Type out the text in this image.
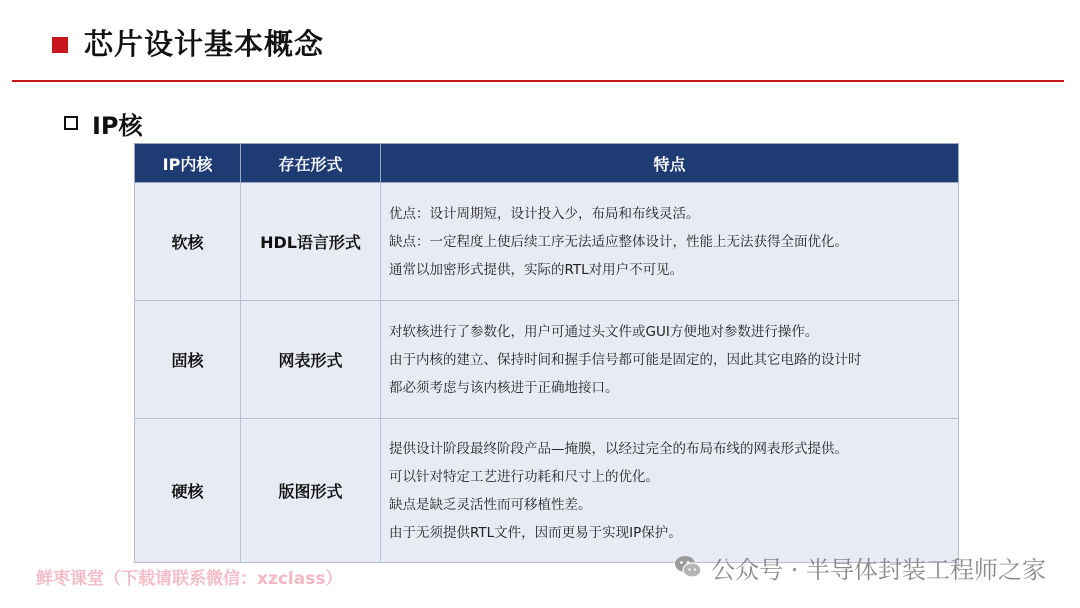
芯片设计基本概念
IP核
IP内核	存在形式	特点
软核	HDL语言形式	优点：设计周期短，设计投入少，布局和布线灵活。
缺点：一定程度上使后续工序无法适应整体设计，性能上无法获得全面优化。
通常以加密形式提供，实际的RTL对用户不可见。

固核	网表形式	对软核进行了参数化，用户可通过头文件或GUI方便地对参数进行操作。
由于内核的建立、保持时间和握手信号都可能是固定的，因此其它电路的设计时
都必须考虑与该内核进于正确地接口。

硬核	版图形式	提供设计阶段最终阶段产品—掩膜，以经过完全的布局布线的网表形式提供。
可以针对特定工艺进行功耗和尺寸上的优化。
缺点是缺乏灵活性而可移植性差。
由于无须提供RTL文件，因而更易于实现IP保护。
鲜枣课堂（下载请联系微信：xzclass）	公众号 · 半导体封装工程师之家
